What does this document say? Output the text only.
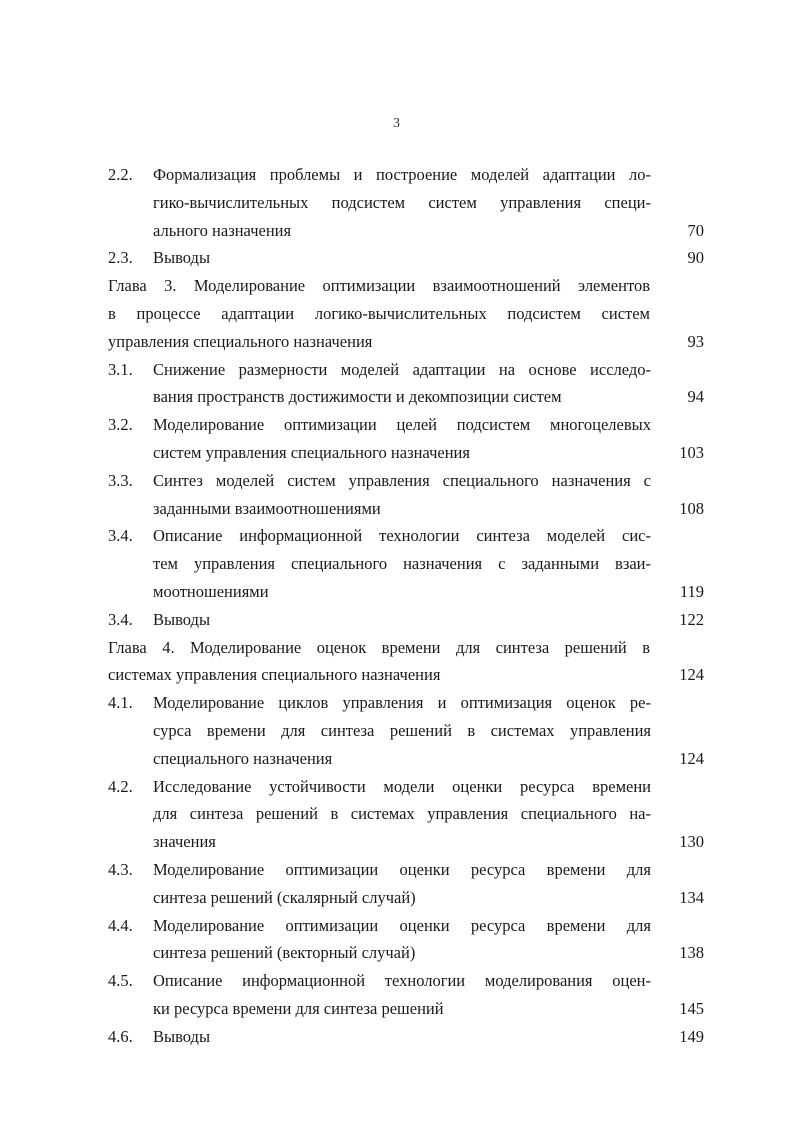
3
2.2. Формализация проблемы и построение моделей адаптации ло-
гико-вычислительных подсистем систем управления специ-
ального назначения	70
2.3. Выводы	90
Глава 3. Моделирование оптимизации взаимоотношений элементов
в процессе адаптации логико-вычислительных подсистем систем
управления специального назначения	93
3.1. Снижение размерности моделей адаптации на основе исследо-
вания пространств достижимости и декомпозиции систем	94
3.2. Моделирование оптимизации целей подсистем многоцелевых
систем управления специального назначения	103
3.3. Синтез моделей систем управления специального назначения с
заданными взаимоотношениями	108
3.4. Описание информационной технологии синтеза моделей сис-
тем управления специального назначения с заданными взаи-
моотношениями	119
3.4. Выводы	122
Глава 4. Моделирование оценок времени для синтеза решений в
системах управления специального назначения	124
4.1. Моделирование циклов управления и оптимизация оценок ре-
сурса времени для синтеза решений в системах управления
специального назначения	124
4.2. Исследование устойчивости модели оценки ресурса времени
для синтеза решений в системах управления специального на-
значения	130
4.3. Моделирование оптимизации оценки ресурса времени для
синтеза решений (скалярный случай)	134
4.4. Моделирование оптимизации оценки ресурса времени для
синтеза решений (векторный случай)	138
4.5. Описание информационной технологии моделирования оцен-
ки ресурса времени для синтеза решений	145
4.6. Выводы	149
